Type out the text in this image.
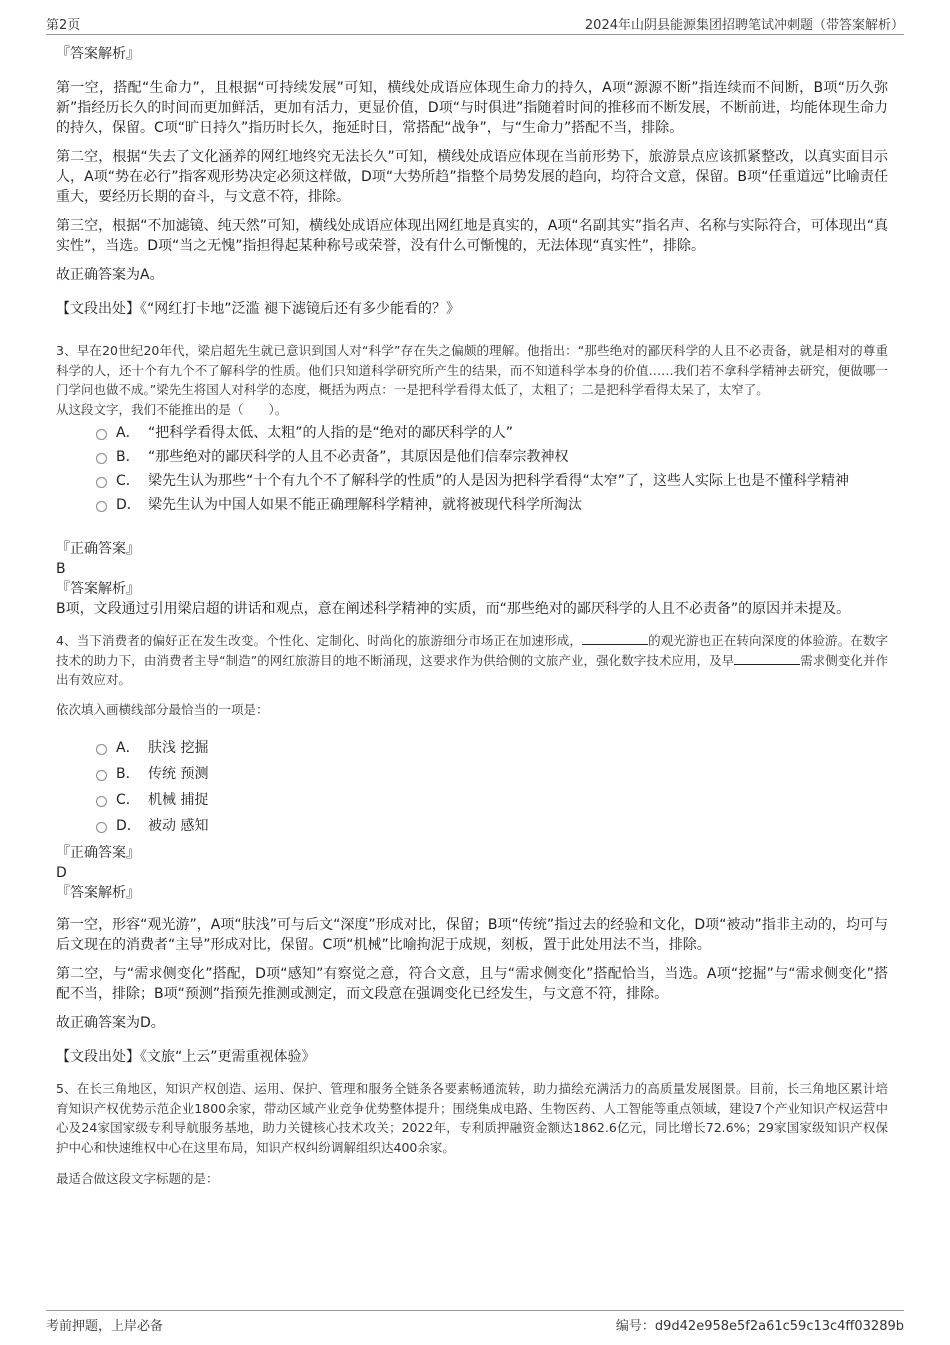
第2页	2024年山阴县能源集团招聘笔试冲刺题（带答案解析）

『答案解析』

第一空，搭配“生命力”，且根据“可持续发展”可知，横线处成语应体现生命力的持久，A项“源源不断”指连续而不间断，B项“历久弥新”指经历长久的时间而更加鲜活，更加有活力，更显价值，D项“与时俱进”指随着时间的推移而不断发展，不断前进，均能体现生命力的持久，保留。C项“旷日持久”指历时长久，拖延时日，常搭配“战争”，与“生命力”搭配不当，排除。

第二空，根据“失去了文化涵养的网红地终究无法长久”可知，横线处成语应体现在当前形势下，旅游景点应该抓紧整改，以真实面目示人，A项“势在必行”指客观形势决定必须这样做，D项“大势所趋”指整个局势发展的趋向，均符合文意，保留。B项“任重道远”比喻责任重大，要经历长期的奋斗，与文意不符，排除。

第三空，根据“不加滤镜、纯天然”可知，横线处成语应体现出网红地是真实的，A项“名副其实”指名声、名称与实际符合，可体现出“真实性”，当选。D项“当之无愧”指担得起某种称号或荣誉，没有什么可惭愧的，无法体现“真实性”，排除。

故正确答案为A。

【文段出处】《“网红打卡地”泛滥 褪下滤镜后还有多少能看的？》

3、早在20世纪20年代，梁启超先生就已意识到国人对“科学”存在失之偏颇的理解。他指出：“那些绝对的鄙厌科学的人且不必责备，就是相对的尊重科学的人，还十个有九个不了解科学的性质。他们只知道科学研究所产生的结果，而不知道科学本身的价值……我们若不拿科学精神去研究，便做哪一门学问也做不成。”梁先生将国人对科学的态度，概括为两点：一是把科学看得太低了，太粗了；二是把科学看得太呆了，太窄了。

从这段文字，我们不能推出的是（　　）。

A． “把科学看得太低、太粗”的人指的是“绝对的鄙厌科学的人”
B． “那些绝对的鄙厌科学的人且不必责备”，其原因是他们信奉宗教神权
C． 梁先生认为那些“十个有九个不了解科学的性质”的人是因为把科学看得“太窄”了，这些人实际上也是不懂科学精神
D． 梁先生认为中国人如果不能正确理解科学精神，就将被现代科学所淘汰

『正确答案』

B

『答案解析』

B项，文段通过引用梁启超的讲话和观点，意在阐述科学精神的实质，而“那些绝对的鄙厌科学的人且不必责备”的原因并未提及。

4、当下消费者的偏好正在发生改变。个性化、定制化、时尚化的旅游细分市场正在加速形成，	的观光游也正在转向深度的体验游。在数字技术的助力下，由消费者主导“制造”的网红旅游目的地不断涌现，这要求作为供给侧的文旅产业，强化数字技术应用，及早	需求侧变化并作出有效应对。

依次填入画横线部分最恰当的一项是：

A． 肤浅 挖掘
B． 传统 预测
C． 机械 捕捉
D． 被动 感知

『正确答案』

D

『答案解析』

第一空，形容“观光游”，A项“肤浅”可与后文“深度”形成对比，保留；B项“传统”指过去的经验和文化，D项“被动”指非主动的，均可与后文现在的消费者“主导”形成对比，保留。C项“机械”比喻拘泥于成规，刻板，置于此处用法不当，排除。

第二空，与“需求侧变化”搭配，D项“感知”有察觉之意，符合文意，且与“需求侧变化”搭配恰当，当选。A项“挖掘”与“需求侧变化”搭配不当，排除；B项“预测”指预先推测或测定，而文段意在强调变化已经发生，与文意不符，排除。

故正确答案为D。

【文段出处】《文旅“上云”更需重视体验》

5、在长三角地区，知识产权创造、运用、保护、管理和服务全链条各要素畅通流转，助力描绘充满活力的高质量发展图景。目前，长三角地区累计培育知识产权优势示范企业1800余家，带动区域产业竞争优势整体提升；围绕集成电路、生物医药、人工智能等重点领域，建设7个产业知识产权运营中心及24家国家级专利导航服务基地，助力关键核心技术攻关；2022年，专利质押融资金额达1862.6亿元，同比增长72.6%；29家国家级知识产权保护中心和快速维权中心在这里布局，知识产权纠纷调解组织达400余家。

最适合做这段文字标题的是：

考前押题，上岸必备	编号：d9d42e958e5f2a61c59c13c4ff03289b
